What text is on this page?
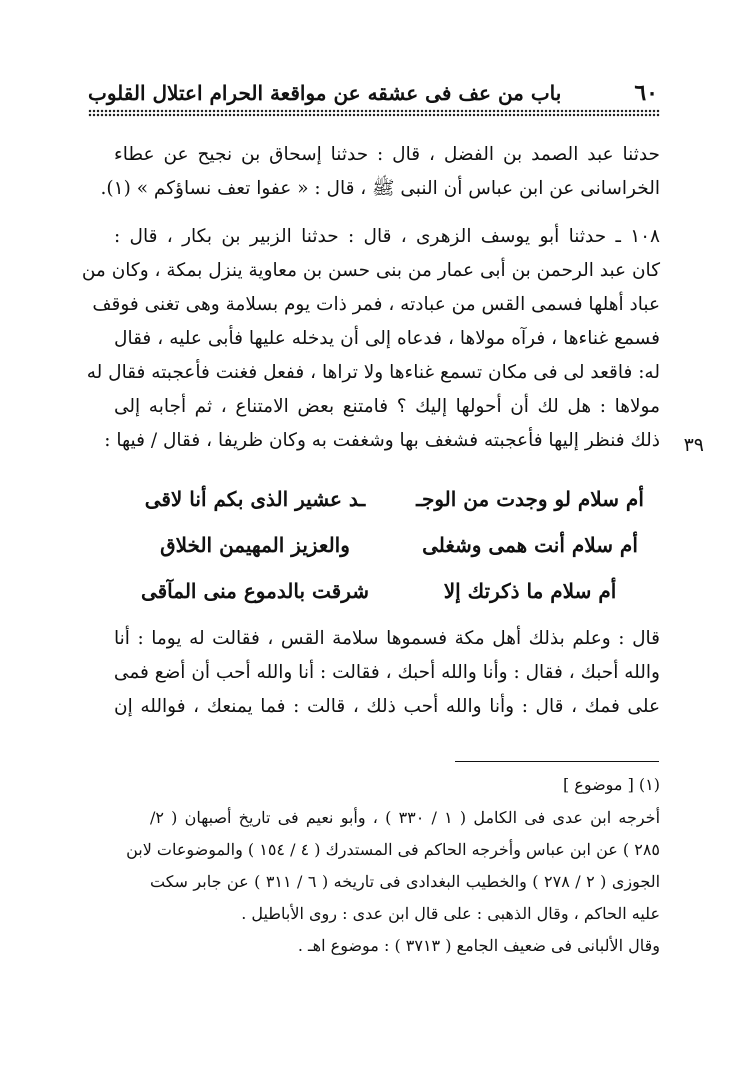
٦٠
باب من عف فى عشقه عن مواقعة الحرام اعتلال القلوب
حدثنا عبد الصمد بن الفضل ، قال : حدثنا إسحاق بن نجيح عن عطاء
الخراسانى عن ابن عباس أن النبى ﷺ ، قال : « عفوا تعف نساؤكم » (١).
١٠٨ ـ حدثنا أبو يوسف الزهرى ، قال : حدثنا الزبير بن بكار ، قال :
كان عبد الرحمن بن أبى عمار من بنى حسن بن معاوية ينزل بمكة ، وكان من
عباد أهلها فسمى القس من عبادته ، فمر ذات يوم بسلامة وهى تغنى فوقف
فسمع غناءها ، فرآه مولاها ، فدعاه إلى أن يدخله عليها فأبى عليه ، فقال
له: فاقعد لى فى مكان تسمع غناءها ولا تراها ، ففعل فغنت فأعجبته فقال له
مولاها : هل لك أن أحولها إليك ؟ فامتنع بعض الامتناع ، ثم أجابه إلى
ذلك فنظر إليها فأعجبته فشغف بها وشغفت به وكان ظريفا ، فقال / فيها :	٣٩
أم سلام لو وجدت من الوجـ
ـد عشير الذى بكم أنا لاقى
أم سلام أنت همى وشغلى
والعزيز المهيمن الخلاق
أم سلام ما ذكرتك إلا
شرقت بالدموع منى المآقى
قال : وعلم بذلك أهل مكة فسموها سلامة القس ، فقالت له يوما : أنا
والله أحبك ، فقال : وأنا والله أحبك ، فقالت : أنا والله أحب أن أضع فمى
على فمك ، قال : وأنا والله أحب ذلك ، قالت : فما يمنعك ، فوالله إن
(١) [ موضوع ]
أخرجه ابن عدى فى الكامل ( ١ / ٣٣٠ ) ، وأبو نعيم فى تاريخ أصبهان ( ٢/
٢٨٥ ) عن ابن عباس وأخرجه الحاكم فى المستدرك ( ٤ / ١٥٤ ) والموضوعات لابن
الجوزى ( ٢ / ٢٧٨ ) والخطيب البغدادى فى تاريخه ( ٦ / ٣١١ ) عن جابر سكت
عليه الحاكم ، وقال الذهبى : على قال ابن عدى : روى الأباطيل .
وقال الألبانى فى ضعيف الجامع ( ٣٧١٣ ) : موضوع اهـ .
